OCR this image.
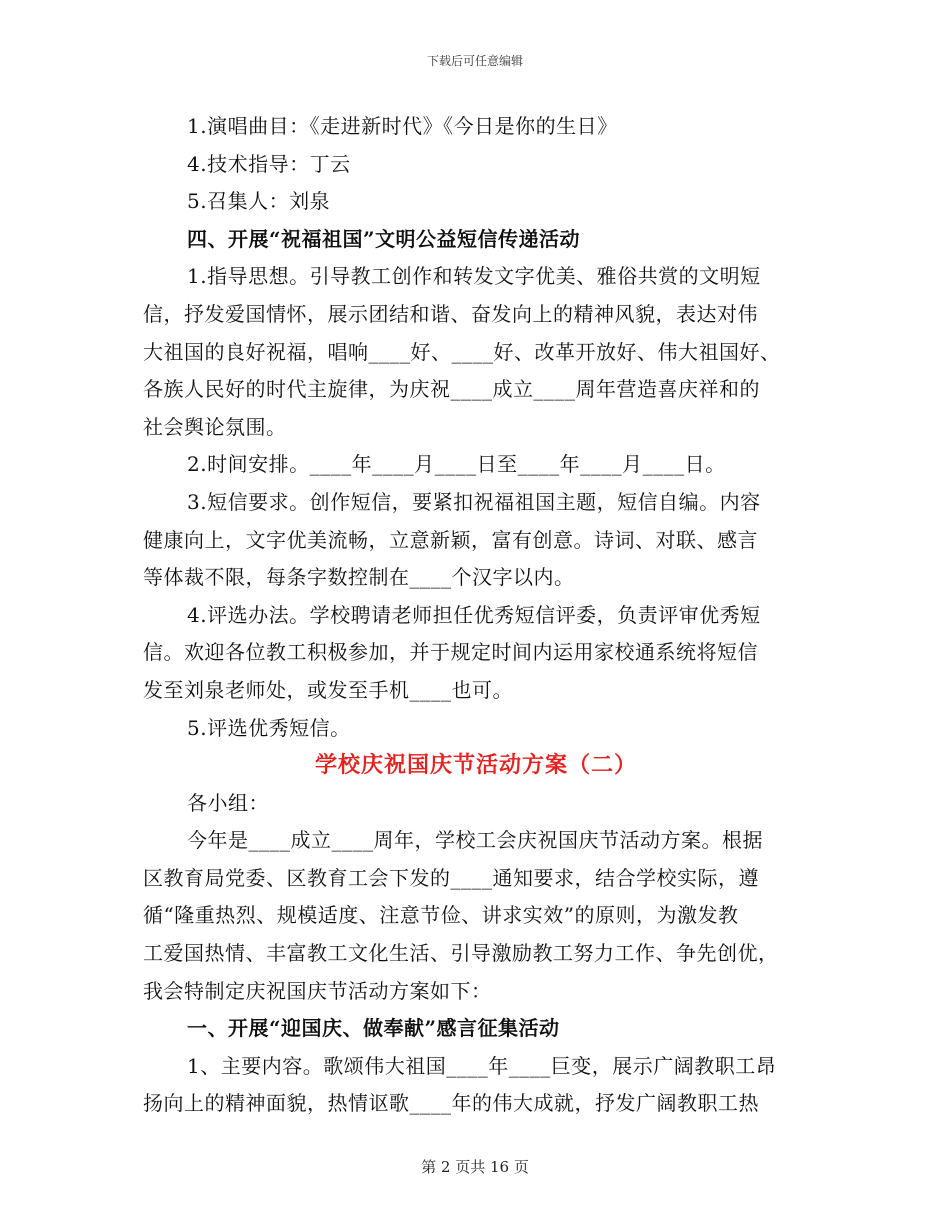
下载后可任意编辑
1.演唱曲目：《走进新时代》《今日是你的生日》
4.技术指导：丁云
5.召集人：刘泉
四、开展“祝福祖国”文明公益短信传递活动
1.指导思想。引导教工创作和转发文字优美、雅俗共赏的文明短
信，抒发爱国情怀，展示团结和谐、奋发向上的精神风貌，表达对伟
大祖国的良好祝福，唱响____好、____好、改革开放好、伟大祖国好、
各族人民好的时代主旋律，为庆祝____成立____周年营造喜庆祥和的
社会舆论氛围。
2.时间安排。____年____月____日至____年____月____日。
3.短信要求。创作短信，要紧扣祝福祖国主题，短信自编。内容
健康向上，文字优美流畅，立意新颖，富有创意。诗词、对联、感言
等体裁不限，每条字数控制在____个汉字以内。
4.评选办法。学校聘请老师担任优秀短信评委，负责评审优秀短
信。欢迎各位教工积极参加，并于规定时间内运用家校通系统将短信
发至刘泉老师处，或发至手机____也可。
5.评选优秀短信。
学校庆祝国庆节活动方案（二）
各小组：
今年是____成立____周年，学校工会庆祝国庆节活动方案。根据
区教育局党委、区教育工会下发的____通知要求，结合学校实际，遵
循“隆重热烈、规模适度、注意节俭、讲求实效”的原则，为激发教
工爱国热情、丰富教工文化生活、引导激励教工努力工作、争先创优，
我会特制定庆祝国庆节活动方案如下：
一、开展“迎国庆、做奉献”感言征集活动
1、主要内容。歌颂伟大祖国____年____巨变，展示广阔教职工昂
扬向上的精神面貌，热情讴歌____年的伟大成就，抒发广阔教职工热
第 2 页共 16 页
